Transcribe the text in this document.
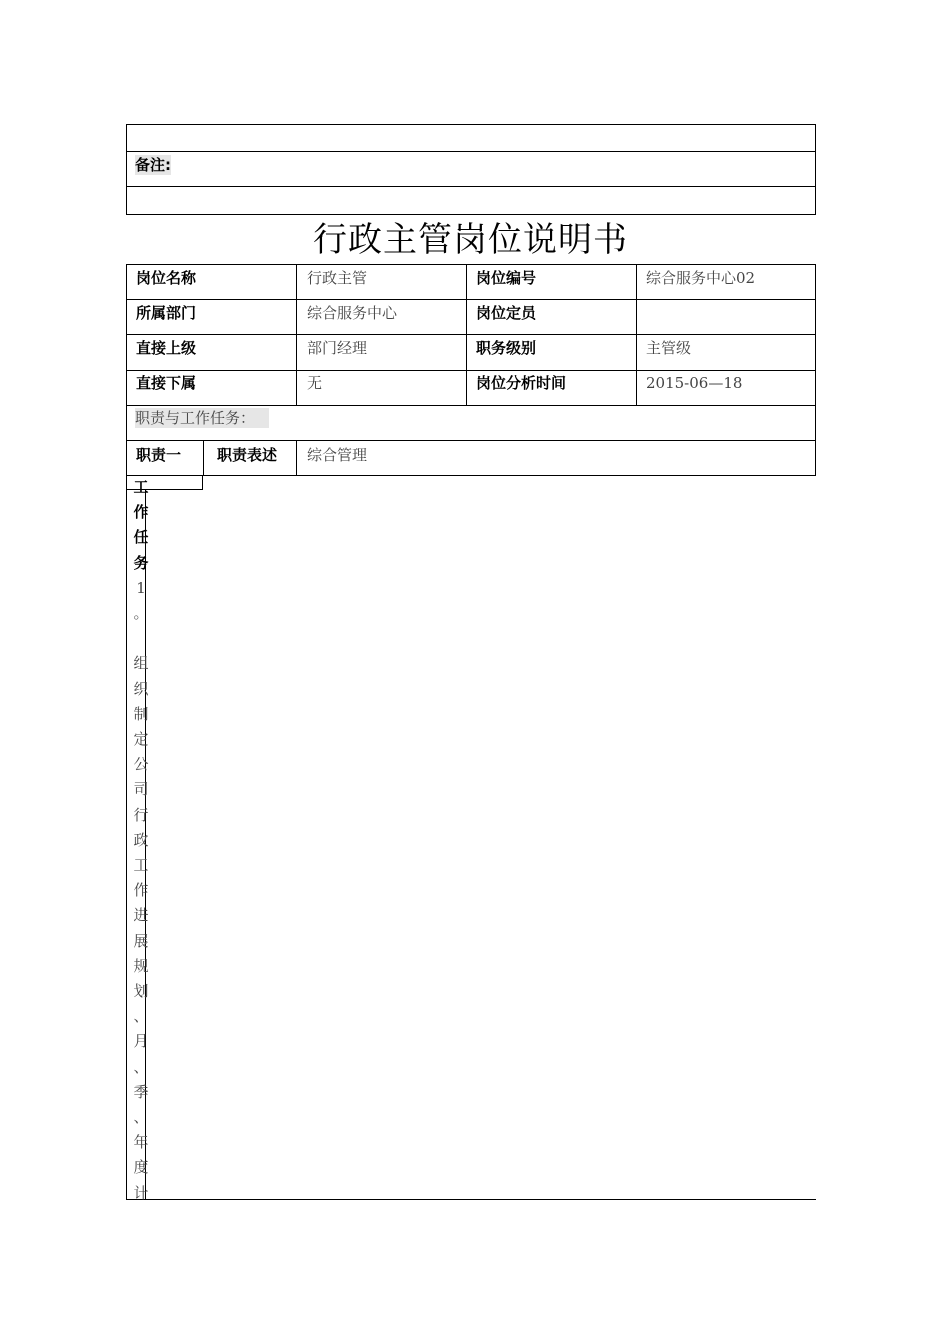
备注:
行政主管岗位说明书
岗位名称	行政主管	岗位编号	综合服务中心02
所属部门	综合服务中心	岗位定员
直接上级	部门经理	职务级别	主管级
直接下属	无	岗位分析时间	2015-06—18
职责与工作任务：
职责一 职责表述 综合管理
工
作
任
务
1
。

组
织
制
定
公
司
行
政
工
作
进
展
规
划
、
月
、
季
、
年
度
计
